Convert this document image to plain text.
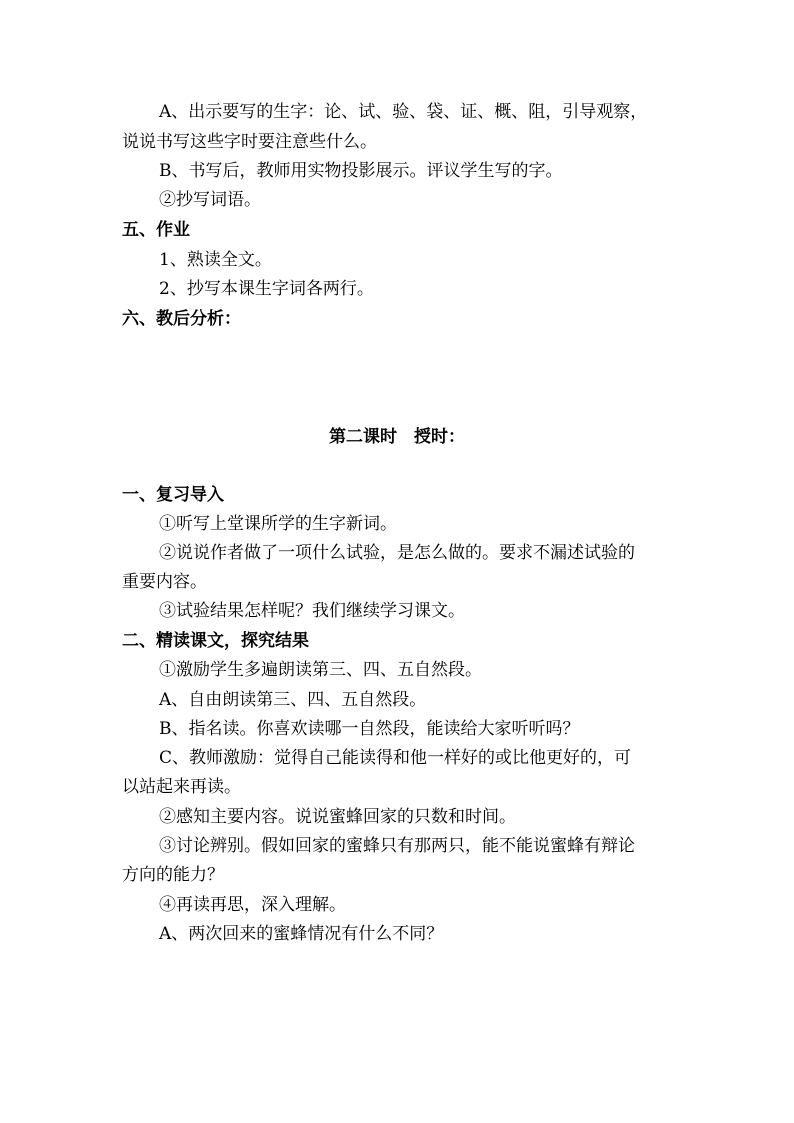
A、出示要写的生字：论、试、验、袋、证、概、阻，引导观察，
说说书写这些字时要注意些什么。
B、书写后，教师用实物投影展示。评议学生写的字。
②抄写词语。
五、作业
1、熟读全文。
2、抄写本课生字词各两行。
六、教后分析：
第二课时　授时：
一、复习导入
①听写上堂课所学的生字新词。
②说说作者做了一项什么试验，是怎么做的。要求不漏述试验的
重要内容。
③试验结果怎样呢？我们继续学习课文。
二、精读课文，探究结果
①激励学生多遍朗读第三、四、五自然段。
A、自由朗读第三、四、五自然段。
B、指名读。你喜欢读哪一自然段，能读给大家听听吗？
C、教师激励：觉得自己能读得和他一样好的或比他更好的，可
以站起来再读。
②感知主要内容。说说蜜蜂回家的只数和时间。
③讨论辨别。假如回家的蜜蜂只有那两只，能不能说蜜蜂有辩论
方向的能力？
④再读再思，深入理解。
A、两次回来的蜜蜂情况有什么不同？
